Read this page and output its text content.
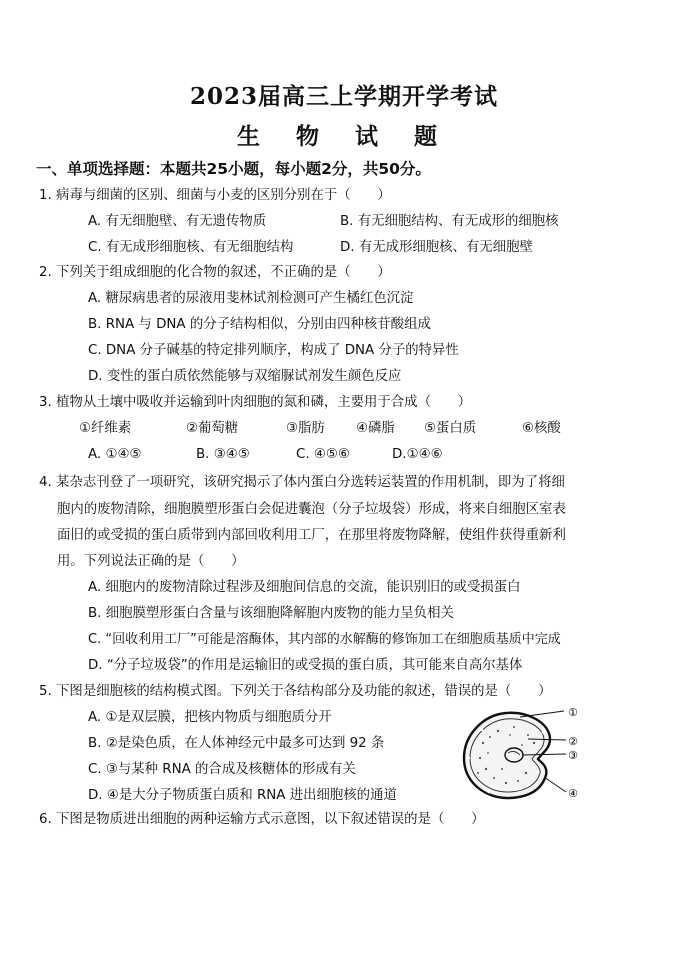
2023届高三上学期开学考试
生 物 试 题
一、单项选择题：本题共25小题，每小题2分，共50分。
1. 病毒与细菌的区别、细菌与小麦的区别分别在于（　　）
A. 有无细胞壁、有无遗传物质	B. 有无细胞结构、有无成形的细胞核
C. 有无成形细胞核、有无细胞结构	D. 有无成形细胞核、有无细胞壁
2. 下列关于组成细胞的化合物的叙述，不正确的是（　　）
A. 糖尿病患者的尿液用斐林试剂检测可产生橘红色沉淀
B. RNA 与 DNA 的分子结构相似，分别由四种核苷酸组成
C. DNA 分子碱基的特定排列顺序，构成了 DNA 分子的特异性
D. 变性的蛋白质依然能够与双缩脲试剂发生颜色反应
3. 植物从土壤中吸收并运输到叶肉细胞的氮和磷，主要用于合成（　　）
①纤维素	②葡萄糖	③脂肪 ④磷脂 ⑤蛋白质	⑥核酸
A. ①④⑤	B. ③④⑤	C. ④⑤⑥	D.①④⑥
4. 某杂志刊登了一项研究，该研究揭示了体内蛋白分选转运装置的作用机制，即为了将细
胞内的废物清除，细胞膜塑形蛋白会促进囊泡（分子垃圾袋）形成，将来自细胞区室表
面旧的或受损的蛋白质带到内部回收利用工厂，在那里将废物降解，使组件获得重新利
用。下列说法正确的是（　　）
A. 细胞内的废物清除过程涉及细胞间信息的交流，能识别旧的或受损蛋白
B. 细胞膜塑形蛋白含量与该细胞降解胞内废物的能力呈负相关
C. “回收利用工厂”可能是溶酶体，其内部的水解酶的修饰加工在细胞质基质中完成
D. “分子垃圾袋”的作用是运输旧的或受损的蛋白质，其可能来自高尔基体
5. 下图是细胞核的结构模式图。下列关于各结构部分及功能的叙述，错误的是（　　）
A. ①是双层膜，把核内物质与细胞质分开
B. ②是染色质，在人体神经元中最多可达到 92 条
C. ③与某种 RNA 的合成及核糖体的形成有关
D. ④是大分子物质蛋白质和 RNA 进出细胞核的通道
①
②
③
④
6. 下图是物质进出细胞的两种运输方式示意图，以下叙述错误的是（　　）
